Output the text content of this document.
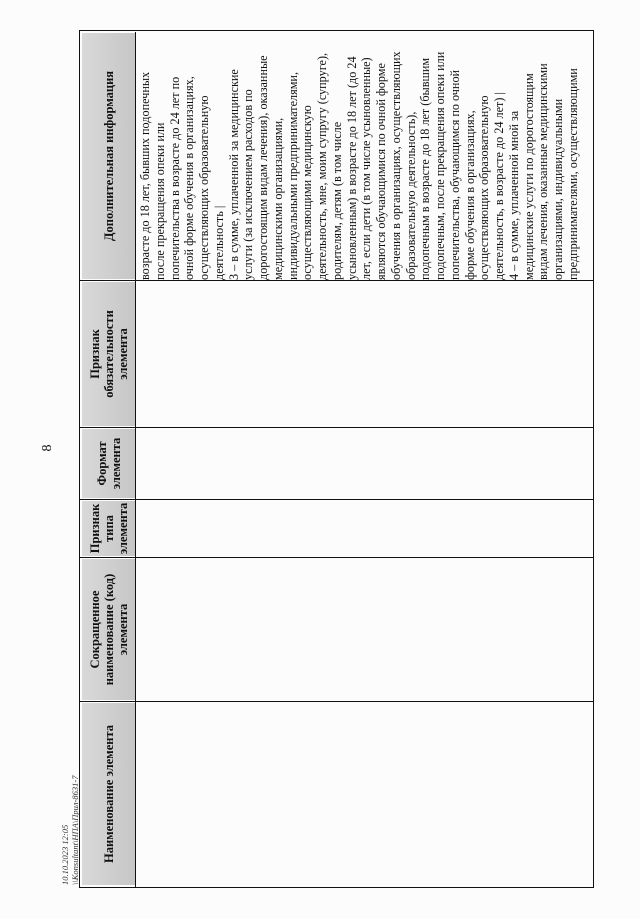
8
10.10.2023 12:05 \\Konsultant\НПА\Прил-8631-7 Наименование элемента
Сокращенное наименование (код) элемента
Признак типа элемента
Формат элемента
Признак обязательности элемента
Дополнительная информация возрасте до 18 лет, бывших подопечных после прекращения опеки или попечительства в возрасте до 24 лет по очной форме обучения в организациях, осуществляющих образовательную деятельность | 3 – в сумме, уплаченной за медицинские услуги (за исключением расходов по дорогостоящим видам лечения), оказанные медицинскими организациями, индивидуальными предпринимателями, осуществляющими медицинскую деятельность, мне, моим супругу (супруге), родителям, детям (в том числе усыновленным) в возрасте до 18 лет (до 24 лет, если дети (в том числе усыновленные) являются обучающимися по очной форме обучения в организациях, осуществляющих образовательную деятельность), подопечным в возрасте до 18 лет (бывшим подопечным, после прекращения опеки или попечительства, обучающимся по очной форме обучения в организациях, осуществляющих образовательную деятельность, в возрасте до 24 лет) | 4 – в сумме, уплаченной мной за медицинские услуги по дорогостоящим видам лечения, оказанные медицинскими организациями, индивидуальными предпринимателями, осуществляющими
